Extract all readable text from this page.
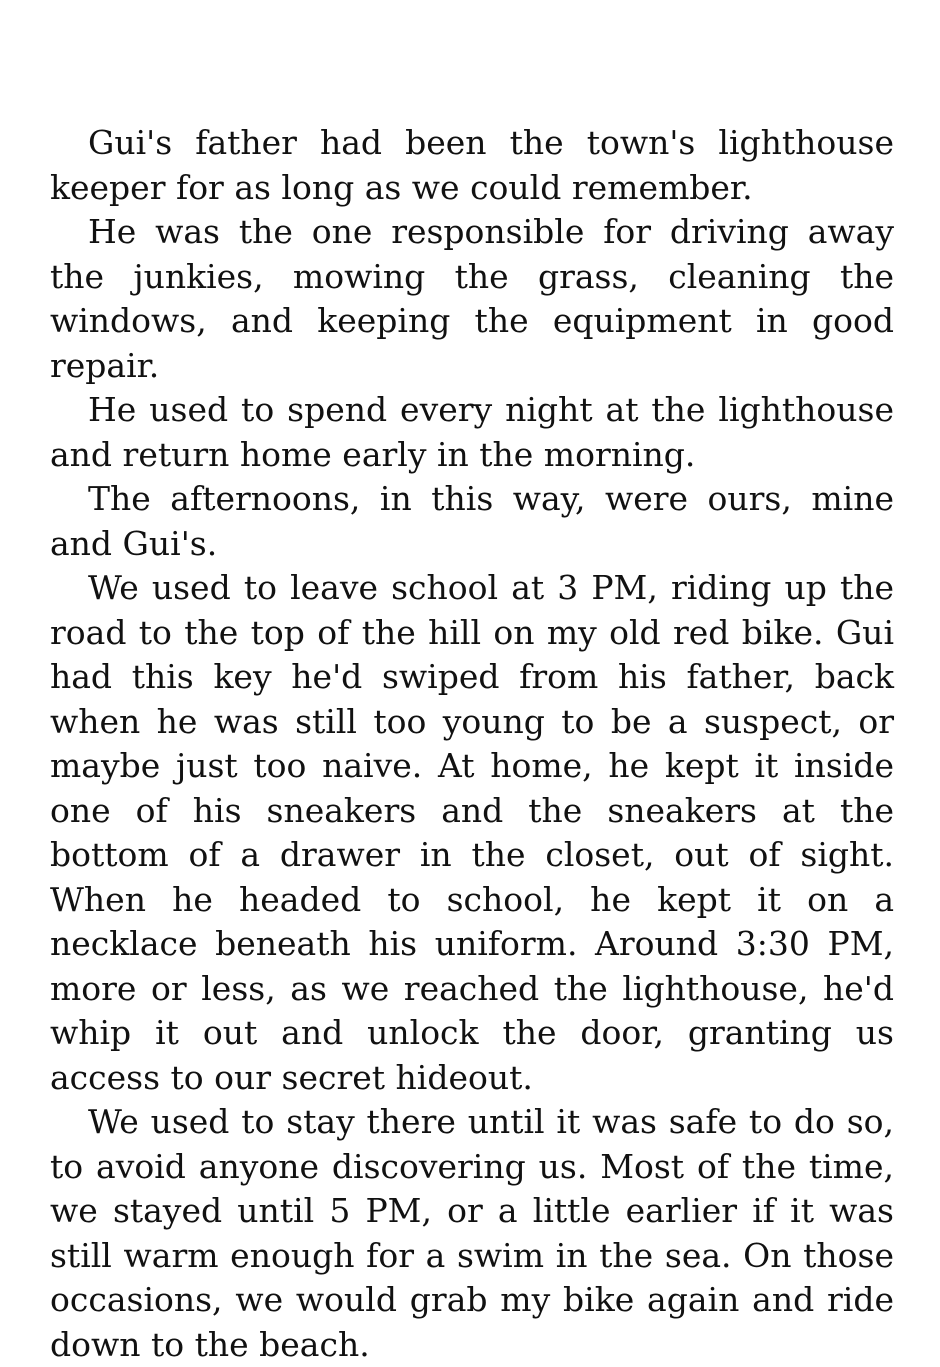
Gui's father had been the town's lighthouse keeper for as long as we could remember.

He was the one responsible for driving away the junkies, mowing the grass, cleaning the windows, and keeping the equipment in good repair.

He used to spend every night at the lighthouse and return home early in the morning.

The afternoons, in this way, were ours, mine and Gui's.

We used to leave school at 3 PM, riding up the road to the top of the hill on my old red bike. Gui had this key he'd swiped from his father, back when he was still too young to be a suspect, or maybe just too naive. At home, he kept it inside one of his sneakers and the sneakers at the bottom of a drawer in the closet, out of sight. When he headed to school, he kept it on a necklace beneath his uniform. Around 3:30 PM, more or less, as we reached the lighthouse, he'd whip it out and unlock the door, granting us access to our secret hideout.

We used to stay there until it was safe to do so, to avoid anyone discovering us. Most of the time, we stayed until 5 PM, or a little earlier if it was still warm enough for a swim in the sea. On those occasions, we would grab my bike again and ride down to the beach.
